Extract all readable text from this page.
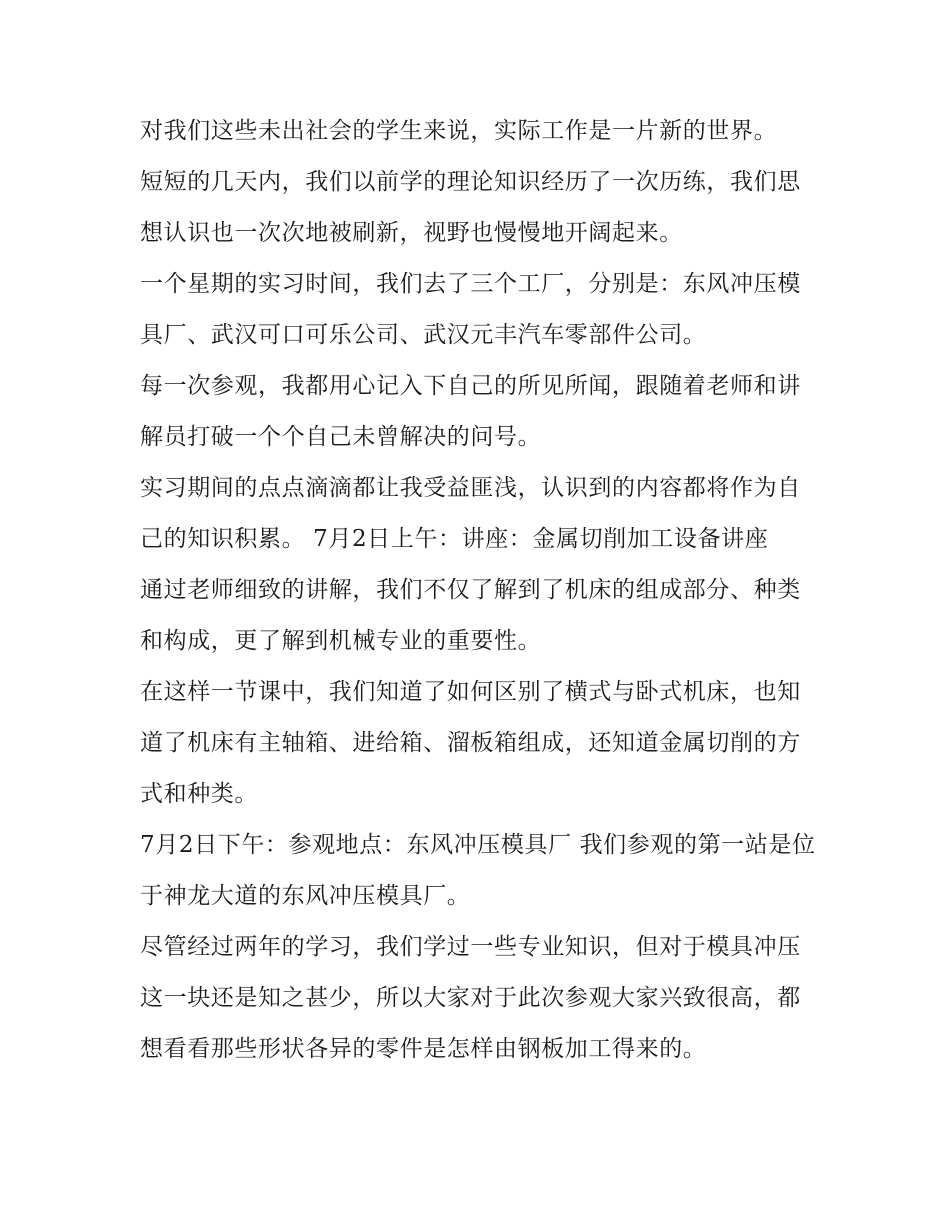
对我们这些未出社会的学生来说，实际工作是一片新的世界。

短短的几天内，我们以前学的理论知识经历了一次历练，我们思想认识也一次次地被刷新，视野也慢慢地开阔起来。

一个星期的实习时间，我们去了三个工厂，分别是：东风冲压模具厂、武汉可口可乐公司、武汉元丰汽车零部件公司。

每一次参观，我都用心记入下自己的所见所闻，跟随着老师和讲解员打破一个个自己未曾解决的问号。

实习期间的点点滴滴都让我受益匪浅，认识到的内容都将作为自己的知识积累。 7月2日上午：讲座：金属切削加工设备讲座

通过老师细致的讲解，我们不仅了解到了机床的组成部分、种类和构成，更了解到机械专业的重要性。

在这样一节课中，我们知道了如何区别了横式与卧式机床，也知道了机床有主轴箱、进给箱、溜板箱组成，还知道金属切削的方式和种类。

7月2日下午：参观地点：东风冲压模具厂 我们参观的第一站是位于神龙大道的东风冲压模具厂。

尽管经过两年的学习，我们学过一些专业知识，但对于模具冲压这一块还是知之甚少，所以大家对于此次参观大家兴致很高，都想看看那些形状各异的零件是怎样由钢板加工得来的。
